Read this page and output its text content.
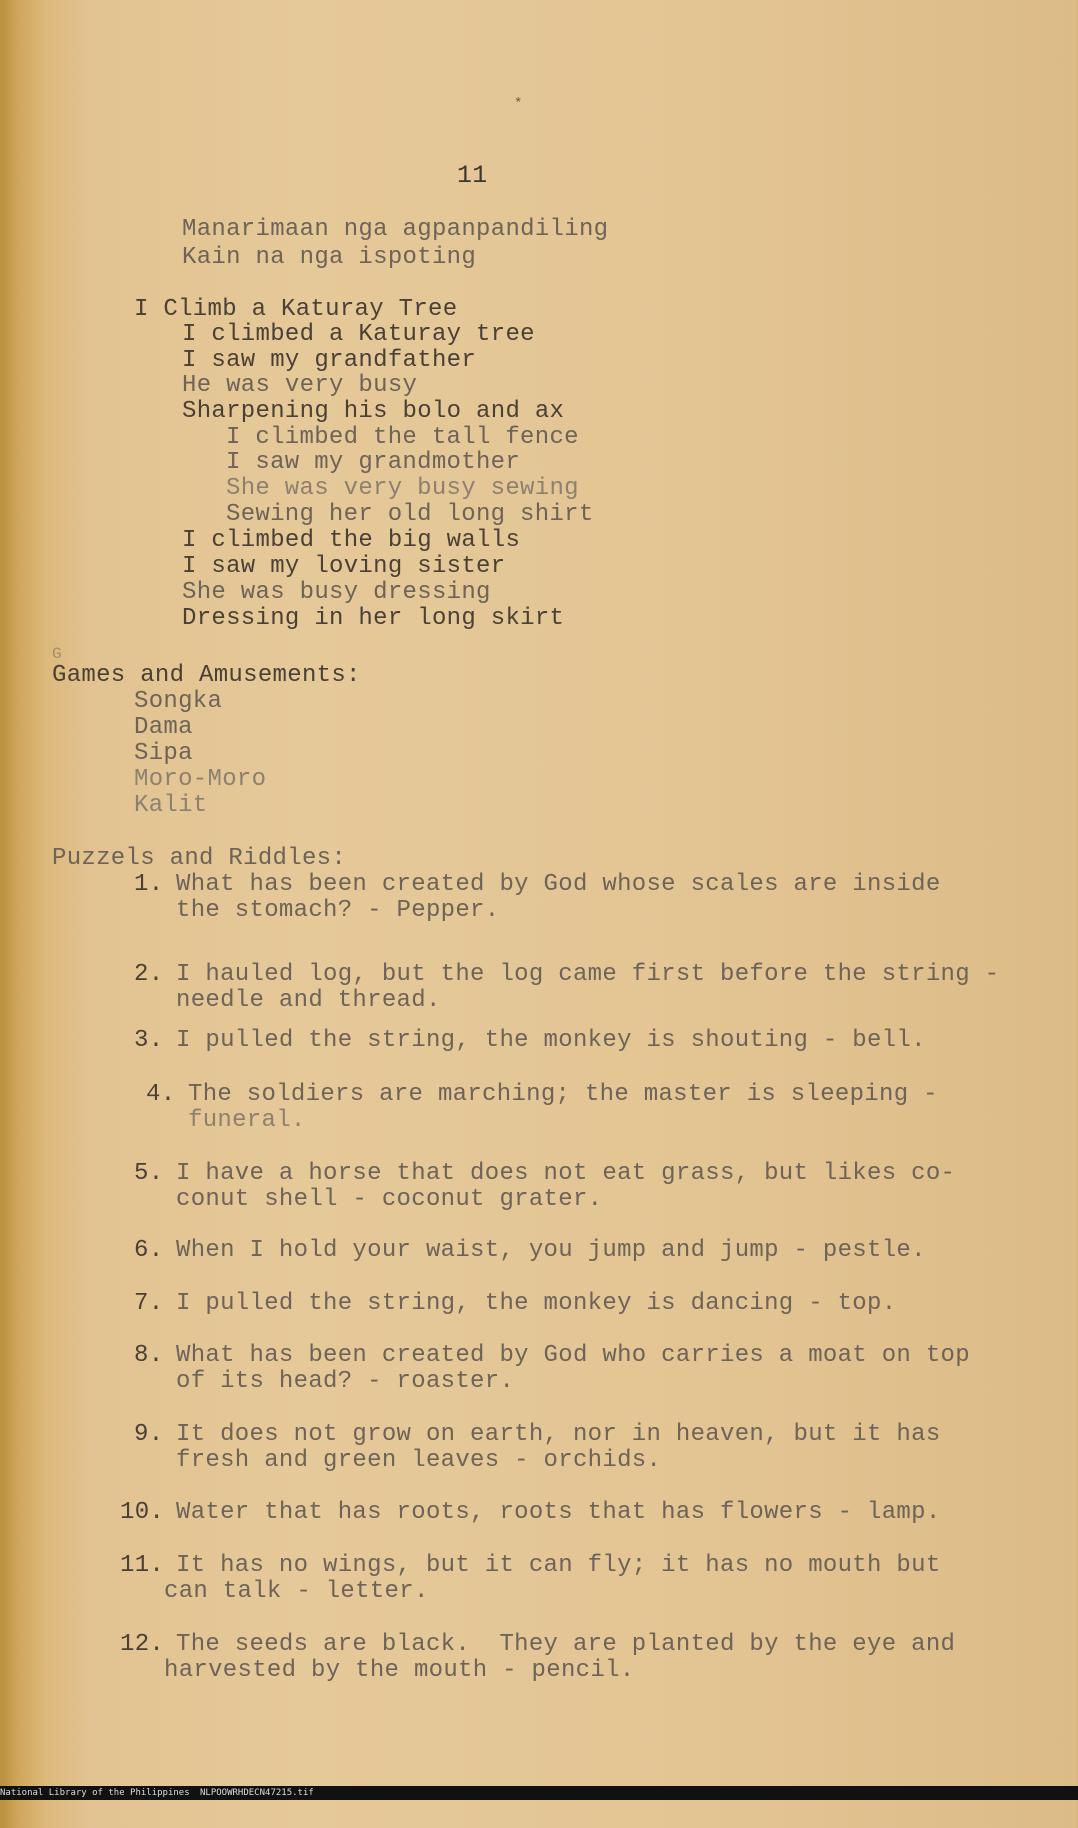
*
11
Manarimaan nga agpanpandiling
Kain na nga ispoting
I Climb a Katuray Tree
I climbed a Katuray tree
I saw my grandfather
He was very busy
Sharpening his bolo and ax
I climbed the tall fence
I saw my grandmother
She was very busy sewing
Sewing her old long shirt
I climbed the big walls
I saw my loving sister
She was busy dressing
Dressing in her long skirt
G
Games and Amusements:
Songka
Dama
Sipa
Moro-Moro
Kalit
Puzzels and Riddles:
1. What has been created by God whose scales are inside
the stomach? - Pepper.
2. I hauled log, but the log came first before the string -
needle and thread.
3. I pulled the string, the monkey is shouting - bell.
4. The soldiers are marching; the master is sleeping -
funeral.
5. I have a horse that does not eat grass, but likes co-
conut shell - coconut grater.
6. When I hold your waist, you jump and jump - pestle.
7. I pulled the string, the monkey is dancing - top.
8. What has been created by God who carries a moat on top
of its head? - roaster.
9. It does not grow on earth, nor in heaven, but it has
fresh and green leaves - orchids.
10. Water that has roots, roots that has flowers - lamp.
11. It has no wings, but it can fly; it has no mouth but
can talk - letter.
12. The seeds are black.  They are planted by the eye and
harvested by the mouth - pencil.

National Library of the Philippines

NLPOOWRHDECN47215.tif
